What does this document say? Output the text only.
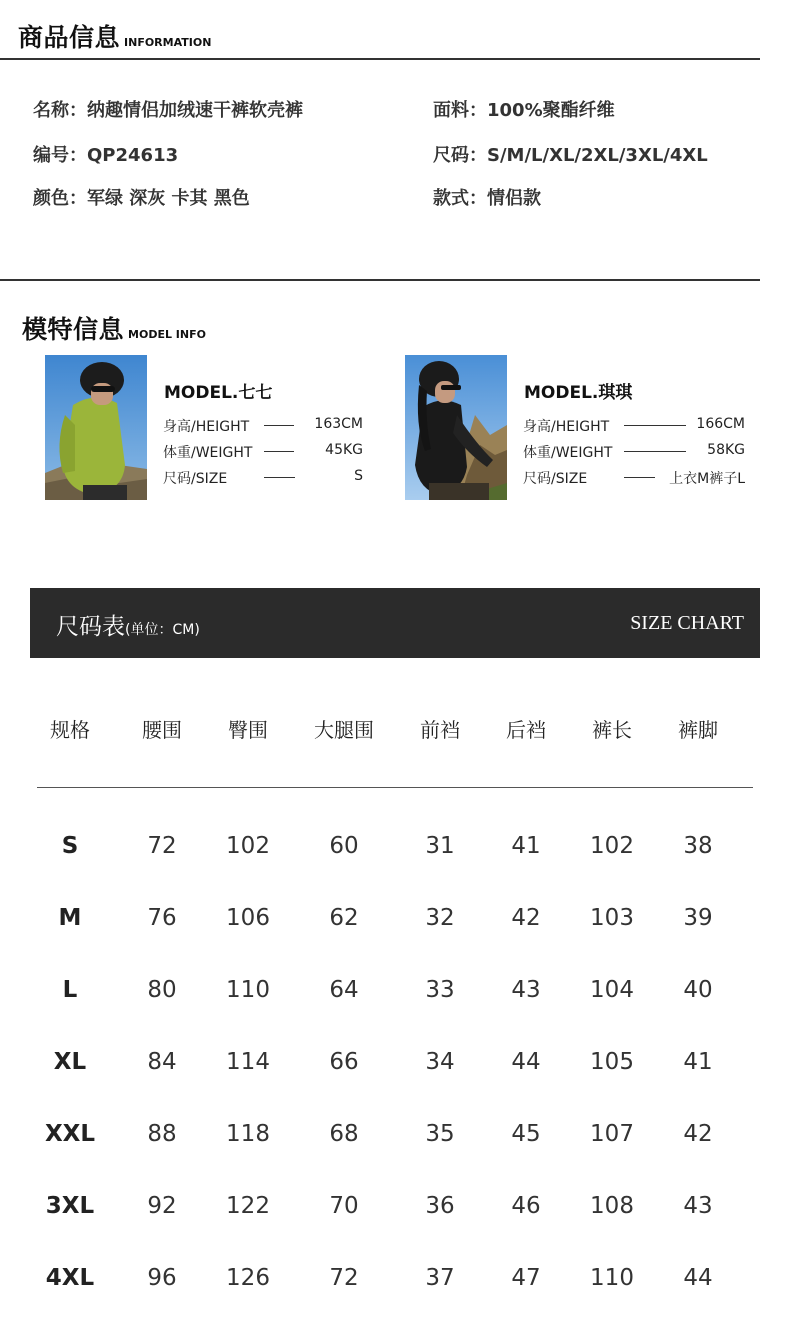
商品信息 INFORMATION
名称：纳趣情侣加绒速干裤软壳裤	面料：100%聚酯纤维
编号：QP24613	尺码：S/M/L/XL/2XL/3XL/4XL
颜色：军绿 深灰 卡其 黑色	款式：情侣款
模特信息 MODEL INFO
MODEL.七七
身高/HEIGHT	163CM
体重/WEIGHT	45KG
尺码/SIZE	S
MODEL.琪琪
身高/HEIGHT	166CM
体重/WEIGHT	58KG
尺码/SIZE	上衣M裤子L
尺码表(单位：CM)	SIZE CHART
规格	腰围 臀围 大腿围 前裆 后裆 裤长 裤脚
S	72 102	60	31 41 102 38
M	76 106	62	32 42 103 39
L	80 110	64	33 43 104 40
XL	84 114	66	34 44 105 41
XXL 88 118	68	35 45 107 42
3XL 92 122	70	36 46 108 43
4XL 96 126	72	37 47 110 44
